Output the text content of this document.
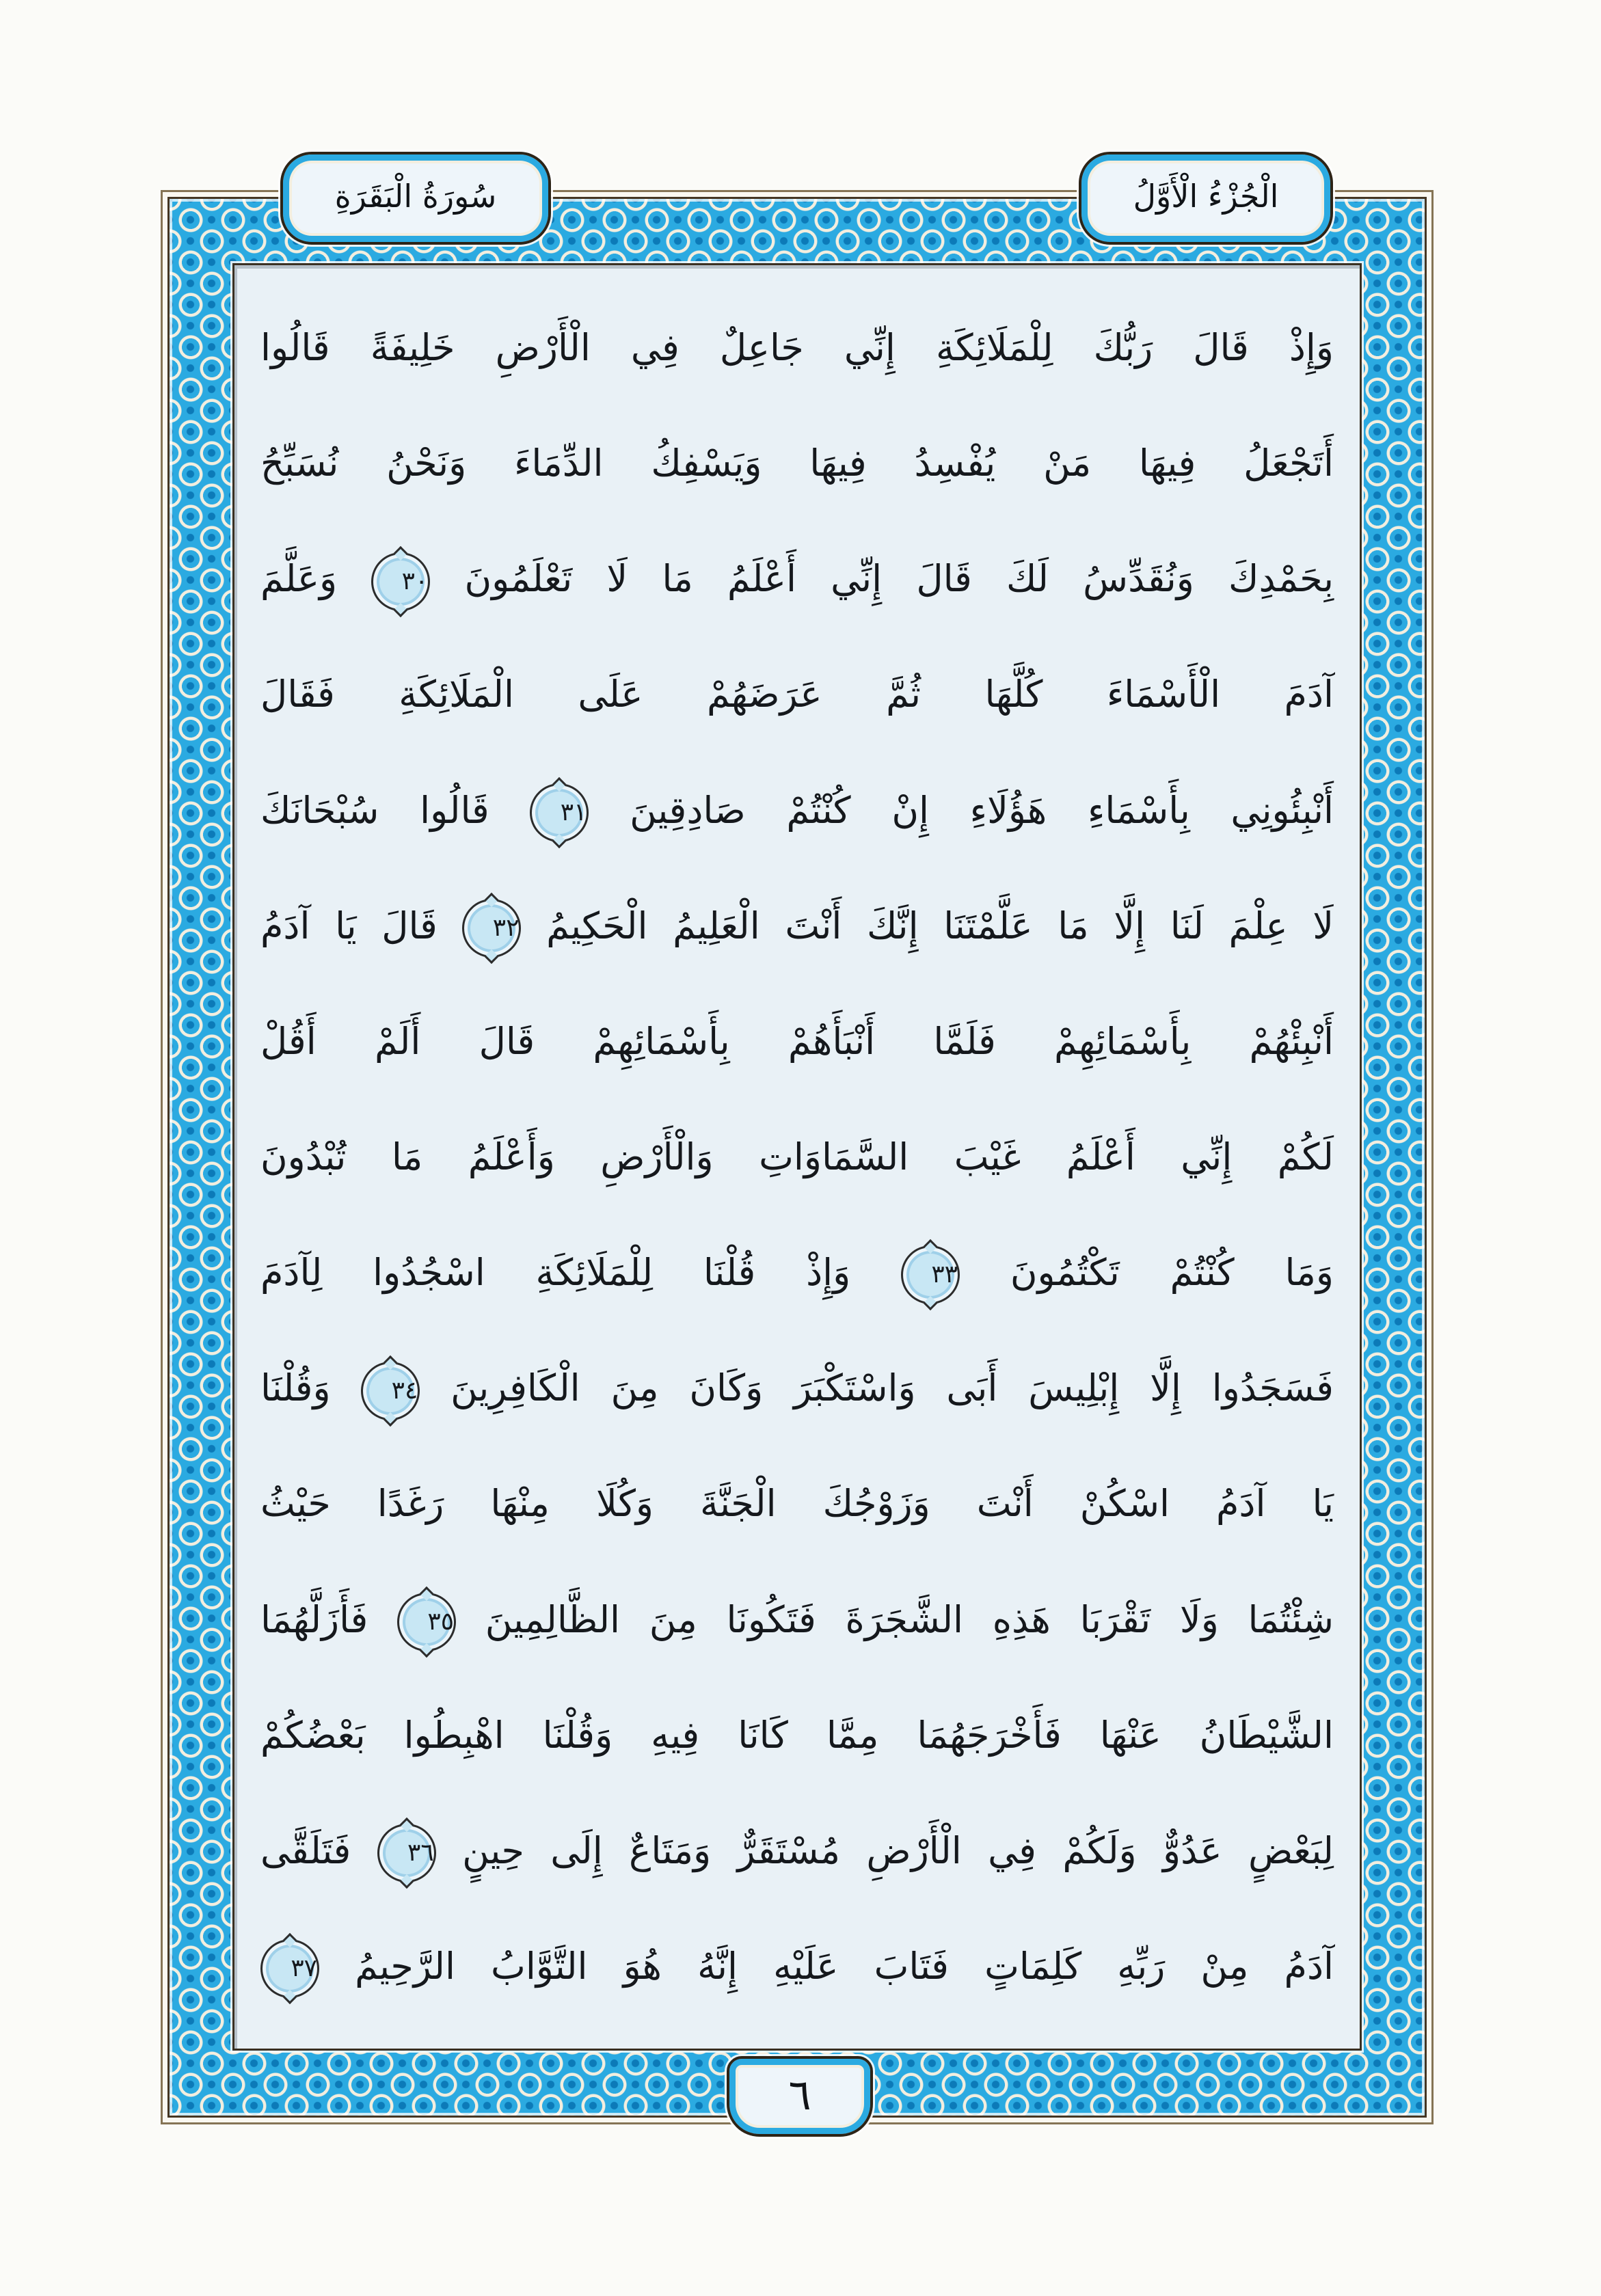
سُورَةُ الْبَقَرَةِ	الْجُزْءُ الْأَوَّلُ
وَإِذْ قَالَ رَبُّكَ لِلْمَلَائِكَةِ إِنِّي جَاعِلٌ فِي الْأَرْضِ خَلِيفَةً قَالُوا
أَتَجْعَلُ فِيهَا مَنْ يُفْسِدُ فِيهَا وَيَسْفِكُ الدِّمَاءَ وَنَحْنُ نُسَبِّحُ
بِحَمْدِكَ وَنُقَدِّسُ لَكَ قَالَ إِنِّي أَعْلَمُ مَا لَا تَعْلَمُونَ ٣٠ وَعَلَّمَ
آدَمَ الْأَسْمَاءَ كُلَّهَا ثُمَّ عَرَضَهُمْ عَلَى الْمَلَائِكَةِ فَقَالَ
أَنْبِئُونِي بِأَسْمَاءِ هَؤُلَاءِ إِنْ كُنْتُمْ صَادِقِينَ ٣١ قَالُوا سُبْحَانَكَ
لَا عِلْمَ لَنَا إِلَّا مَا عَلَّمْتَنَا إِنَّكَ أَنْتَ الْعَلِيمُ الْحَكِيمُ ٣٢ قَالَ يَا آدَمُ
أَنْبِئْهُمْ بِأَسْمَائِهِمْ فَلَمَّا أَنْبَأَهُمْ بِأَسْمَائِهِمْ قَالَ أَلَمْ أَقُلْ
لَكُمْ إِنِّي أَعْلَمُ غَيْبَ السَّمَاوَاتِ وَالْأَرْضِ وَأَعْلَمُ مَا تُبْدُونَ
وَمَا كُنْتُمْ تَكْتُمُونَ ٣٣ وَإِذْ قُلْنَا لِلْمَلَائِكَةِ اسْجُدُوا لِآدَمَ
فَسَجَدُوا إِلَّا إِبْلِيسَ أَبَى وَاسْتَكْبَرَ وَكَانَ مِنَ الْكَافِرِينَ ٣٤ وَقُلْنَا
يَا آدَمُ اسْكُنْ أَنْتَ وَزَوْجُكَ الْجَنَّةَ وَكُلَا مِنْهَا رَغَدًا حَيْثُ
شِئْتُمَا وَلَا تَقْرَبَا هَذِهِ الشَّجَرَةَ فَتَكُونَا مِنَ الظَّالِمِينَ ٣٥ فَأَزَلَّهُمَا
الشَّيْطَانُ عَنْهَا فَأَخْرَجَهُمَا مِمَّا كَانَا فِيهِ وَقُلْنَا اهْبِطُوا بَعْضُكُمْ
لِبَعْضٍ عَدُوٌّ وَلَكُمْ فِي الْأَرْضِ مُسْتَقَرٌّ وَمَتَاعٌ إِلَى حِينٍ ٣٦ فَتَلَقَّى
آدَمُ مِنْ رَبِّهِ كَلِمَاتٍ فَتَابَ عَلَيْهِ إِنَّهُ هُوَ التَّوَّابُ الرَّحِيمُ ٣٧
٦
